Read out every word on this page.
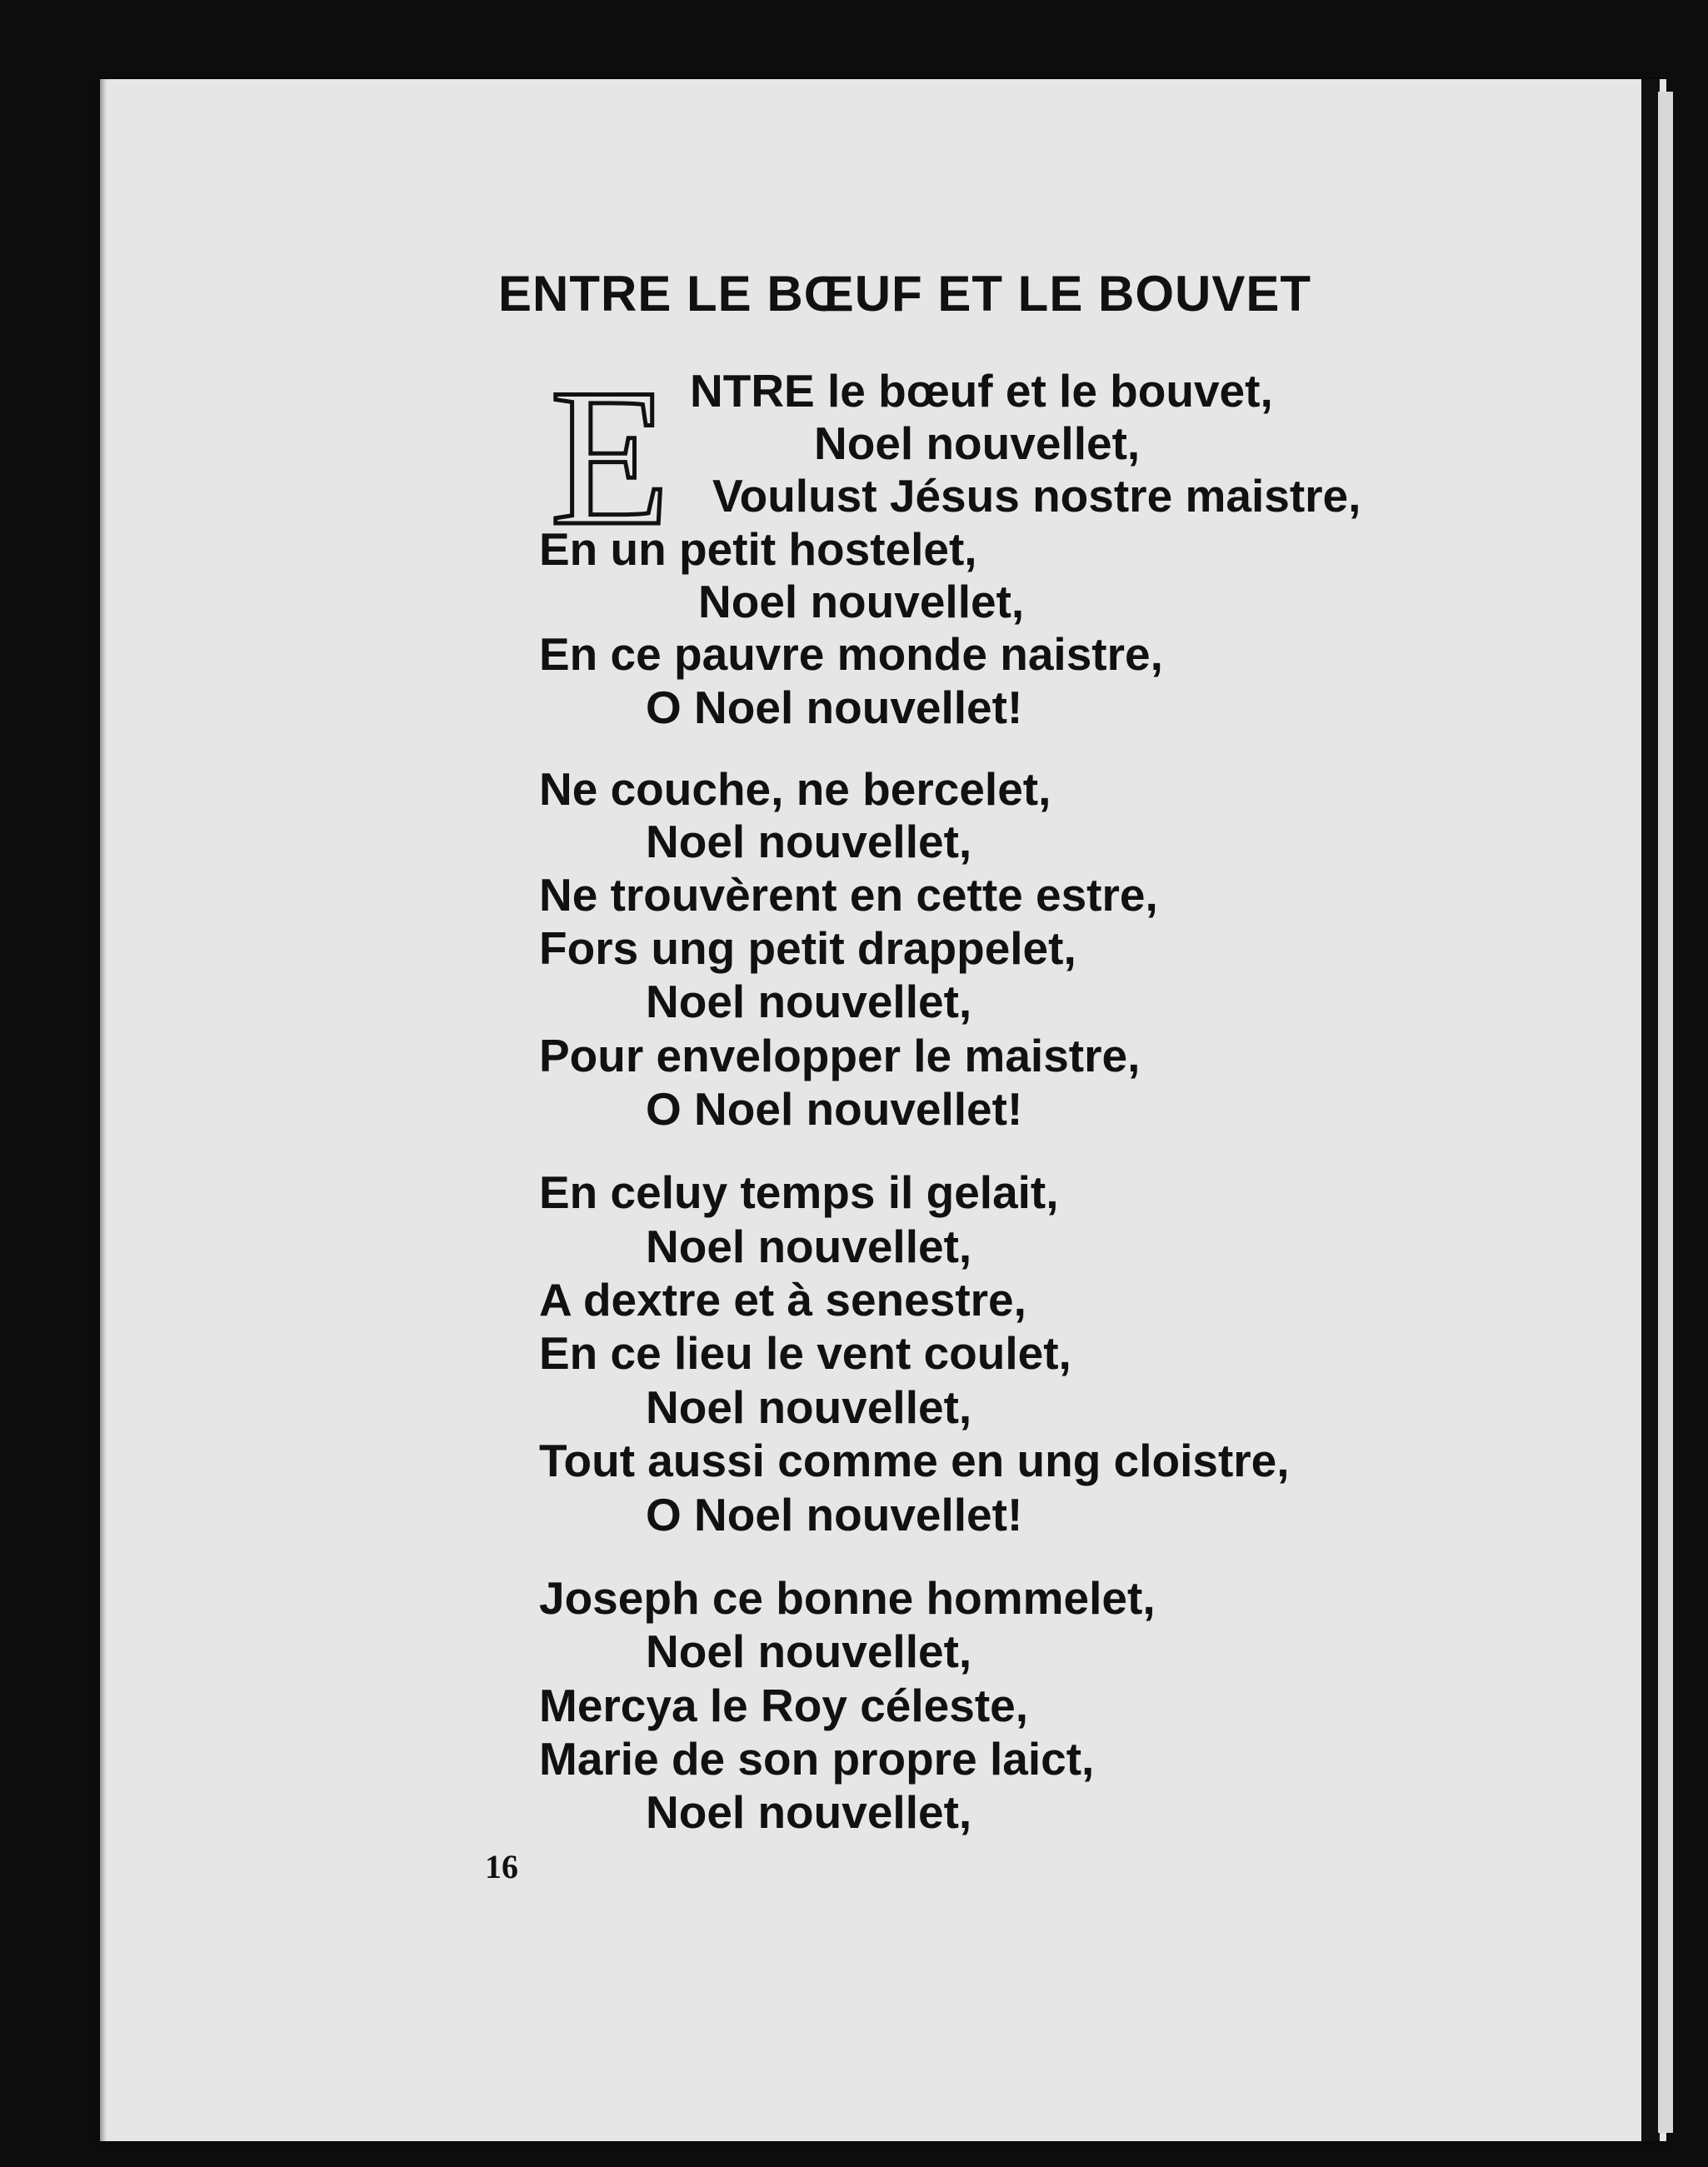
ENTRE LE BŒUF ET LE BOUVET
E NTRE le bœuf et le bouvet,
Noel nouvellet,
Voulust Jésus nostre maistre,
En un petit hostelet,
Noel nouvellet,
En ce pauvre monde naistre,
O Noel nouvellet!
Ne couche, ne bercelet,
Noel nouvellet,
Ne trouvèrent en cette estre,
Fors ung petit drappelet,
Noel nouvellet,
Pour envelopper le maistre,
O Noel nouvellet!
En celuy temps il gelait,
Noel nouvellet,
A dextre et à senestre,
En ce lieu le vent coulet,
Noel nouvellet,
Tout aussi comme en ung cloistre,
O Noel nouvellet!
Joseph ce bonne hommelet,
Noel nouvellet,
Mercya le Roy céleste,
Marie de son propre laict,
Noel nouvellet,
16
